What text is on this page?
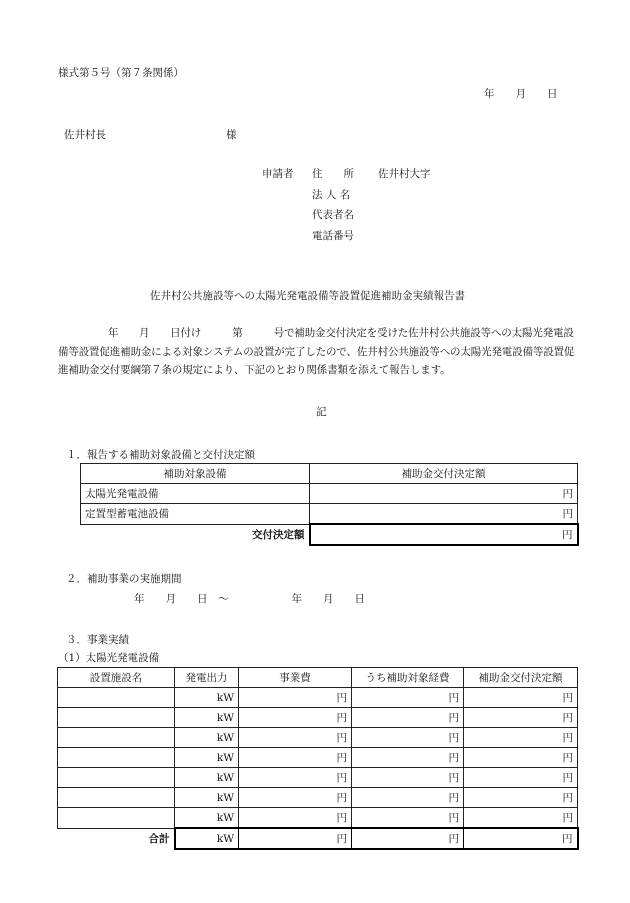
様式第５号（第７条関係）
年　　月　　日
佐井村長	様
申請者 住　　所 佐井村大字
法 人 名
代表者名
電話番号
佐井村公共施設等への太陽光発電設備等設置促進補助金実績報告書
年　　月　　日付け　　　第　　　号で補助金交付決定を受けた佐井村公共施設等への太陽光発電設備等設置促進補助金による対象システムの設置が完了したので、佐井村公共施設等への太陽光発電設備等設置促進補助金交付要綱第７条の規定により、下記のとおり関係書類を添えて報告します。
記
１．報告する補助対象設備と交付決定額
補助対象設備	補助金交付決定額
太陽光発電設備	円
定置型蓄電池設備	円
交付決定額	円
２．補助事業の実施期間
年　　月　　日　～　　　　　　年　　月　　日
３．事業実績
（1）太陽光発電設備
設置施設名	発電出力	事業費	うち補助対象経費	補助金交付決定額
	kW	円	円	円
	kW	円	円	円
	kW	円	円	円
	kW	円	円	円
	kW	円	円	円
	kW	円	円	円
	kW	円	円	円
合計	kW	円	円	円
